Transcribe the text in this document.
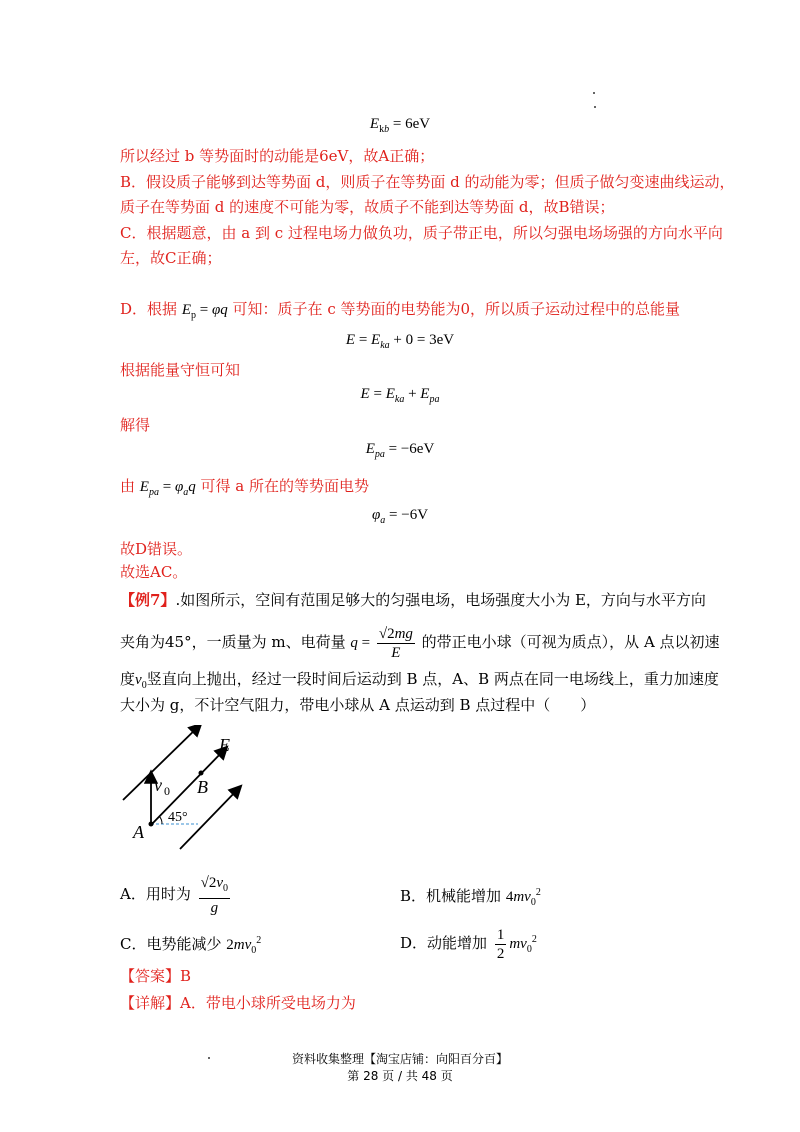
$E_{kb} = 6eV$
所以经过 b 等势面时的动能是6eV，故A正确；
B．假设质子能够到达等势面 d，则质子在等势面 d 的动能为零；但质子做匀变速曲线运动，
质子在等势面 d 的速度不可能为零，故质子不能到达等势面 d，故B错误；
C．根据题意，由 a 到 c 过程电场力做负功，质子带正电，所以匀强电场场强的方向水平向
左，故C正确；
D．根据 $E_p = \varphi q$ 可知：质子在 c 等势面的电势能为0，所以质子运动过程中的总能量
$E = E_{ka} + 0 = 3eV$
根据能量守恒可知
$E = E_{ka} + E_{pa}$
解得
$E_{pa} = -6eV$
由 $E_{pa} = \varphi_aq$ 可得 a 所在的等势面电势
$\varphi_a = -6V$
故D错误。
故选AC。
【例7】.如图所示，空间有范围足够大的匀强电场，电场强度大小为 E，方向与水平方向
夹角为45°，一质量为 m、电荷量 $q = \frac{√2mg}{E}$ 的带正电小球（可视为质点），从 A 点以初速
度$v_0$竖直向上抛出，经过一段时间后运动到 B 点，A、B 两点在同一电场线上，重力加速度
大小为 g，不计空气阻力，带电小球从 A 点运动到 B 点过程中（　　）
E
B
A
v 0
45°
A．用时为 $\frac{√2v_0}{g}$	B．机械能增加 $4mv_0^2$
C．电势能减少 $2mv_0^2$	D．动能增加 $\frac{1}{2} mv_0^2$
【答案】B
【详解】A．带电小球所受电场力为
资料收集整理【淘宝店铺：向阳百分百】
第 28 页 / 共 48 页
